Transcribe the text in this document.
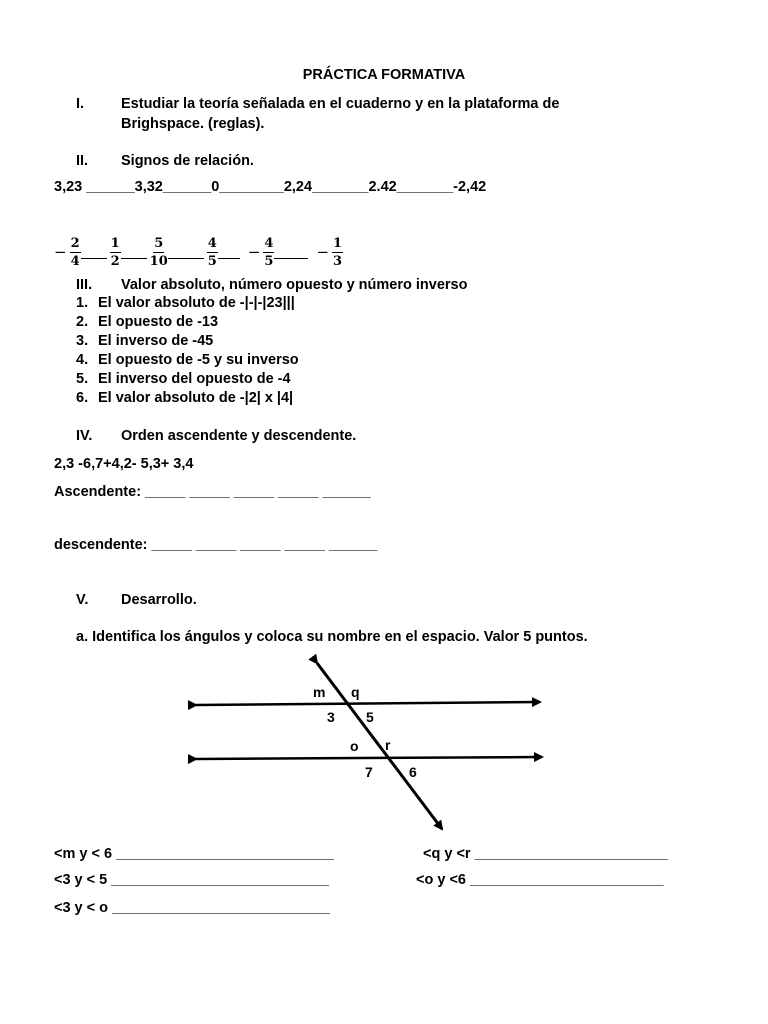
PRÁCTICA FORMATIVA
I.	Estudiar la teoría señalada en el cuaderno y en la plataforma de
Brighspace. (reglas).
II. Signos de relación.
3,23 ______3,32______0________2,24_______2.42_______-2,42
− $\frac{2}{4} \frac{1}{2} \frac{5}{10}$	$\frac{4}{5} - \frac{4}{5}$	− $\frac{1}{3}$
III. Valor absoluto, número opuesto y número inverso
1. El valor absoluto de -|-|-|23|||
2. El opuesto de -13
3. El inverso de -45
4. El opuesto de -5 y su inverso
5. El inverso del opuesto de -4
6. El valor absoluto de -|2| x |4|
IV. Orden ascendente y descendente.
2,3 -6,7+4,2- 5,3+ 3,4
Ascendente: _____ _____ _____ _____ ______
descendente: _____ _____ _____ _____ ______
V. Desarrollo.
a. Identifica los ángulos y coloca su nombre en el espacio. Valor 5 puntos.
m q
3 5
o r
7	6
<m y < 6 ___________________________	<q y <r ________________________
<3 y < 5 ___________________________	<o y <6 ________________________
<3 y < o ___________________________
